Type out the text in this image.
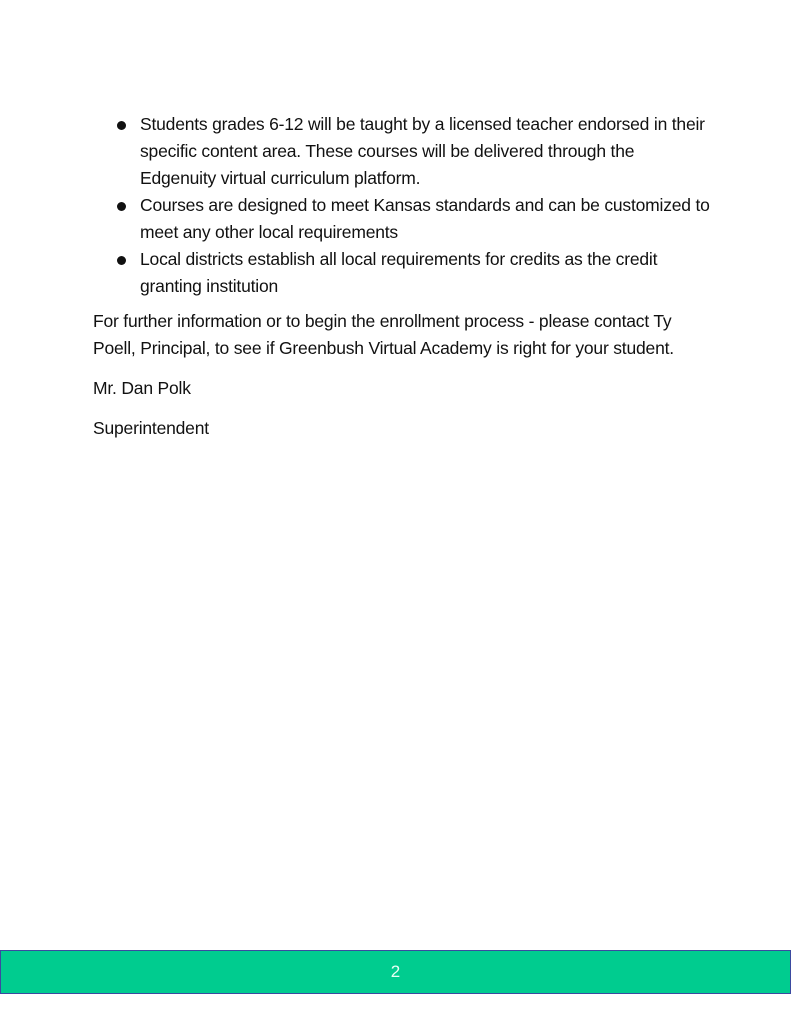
Students grades 6-12 will be taught by a licensed teacher endorsed in their specific content area. These courses will be delivered through the Edgenuity virtual curriculum platform.
Courses are designed to meet Kansas standards and can be customized to meet any other local requirements
Local districts establish all local requirements for credits as the credit granting institution

For further information or to begin the enrollment process - please contact Ty Poell, Principal, to see if Greenbush Virtual Academy is right for your student.

Mr. Dan Polk

Superintendent

2
